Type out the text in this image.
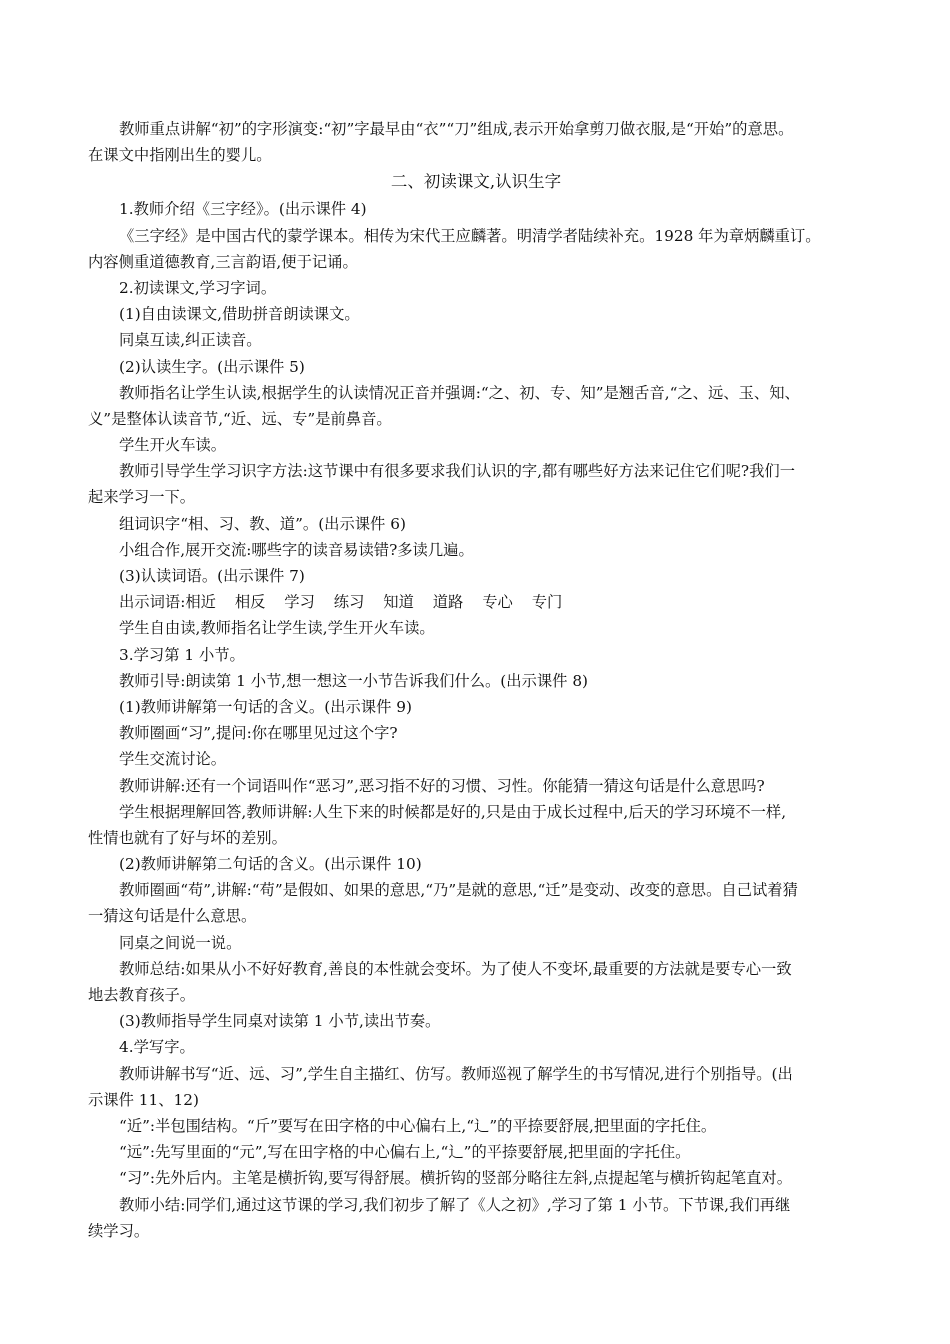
教师重点讲解“初”的字形演变:“初”字最早由“衣”“刀”组成,表示开始拿剪刀做衣服,是“开始”的意思。
在课文中指刚出生的婴儿。
二、初读课文,认识生字
1.教师介绍《三字经》。(出示课件 4)
《三字经》是中国古代的蒙学课本。相传为宋代王应麟著。明清学者陆续补充。1928 年为章炳麟重订。
内容侧重道德教育,三言韵语,便于记诵。
2.初读课文,学习字词。
(1)自由读课文,借助拼音朗读课文。
同桌互读,纠正读音。
(2)认读生字。(出示课件 5)
教师指名让学生认读,根据学生的认读情况正音并强调:“之、初、专、知”是翘舌音,“之、远、玉、知、
义”是整体认读音节,“近、远、专”是前鼻音。
学生开火车读。
教师引导学生学习识字方法:这节课中有很多要求我们认识的字,都有哪些好方法来记住它们呢?我们一
起来学习一下。
组词识字“相、习、教、道”。(出示课件 6)
小组合作,展开交流:哪些字的读音易读错?多读几遍。
(3)认读词语。(出示课件 7)
出示词语:相近 相反 学习 练习 知道 道路 专心 专门
学生自由读,教师指名让学生读,学生开火车读。
3.学习第 1 小节。
教师引导:朗读第 1 小节,想一想这一小节告诉我们什么。(出示课件 8)
(1)教师讲解第一句话的含义。(出示课件 9)
教师圈画“习”,提问:你在哪里见过这个字?
学生交流讨论。
教师讲解:还有一个词语叫作“恶习”,恶习指不好的习惯、习性。你能猜一猜这句话是什么意思吗?
学生根据理解回答,教师讲解:人生下来的时候都是好的,只是由于成长过程中,后天的学习环境不一样,
性情也就有了好与坏的差别。
(2)教师讲解第二句话的含义。(出示课件 10)
教师圈画“苟”,讲解:“苟”是假如、如果的意思,“乃”是就的意思,“迁”是变动、改变的意思。自己试着猜
一猜这句话是什么意思。
同桌之间说一说。
教师总结:如果从小不好好教育,善良的本性就会变坏。为了使人不变坏,最重要的方法就是要专心一致
地去教育孩子。
(3)教师指导学生同桌对读第 1 小节,读出节奏。
4.学写字。
教师讲解书写“近、远、习”,学生自主描红、仿写。教师巡视了解学生的书写情况,进行个别指导。(出
示课件 11、12)
“近”:半包围结构。“斤”要写在田字格的中心偏右上,“辶”的平捺要舒展,把里面的字托住。
“远”:先写里面的“元”,写在田字格的中心偏右上,“辶”的平捺要舒展,把里面的字托住。
“习”:先外后内。主笔是横折钩,要写得舒展。横折钩的竖部分略往左斜,点提起笔与横折钩起笔直对。
教师小结:同学们,通过这节课的学习,我们初步了解了《人之初》,学习了第 1 小节。下节课,我们再继
续学习。
